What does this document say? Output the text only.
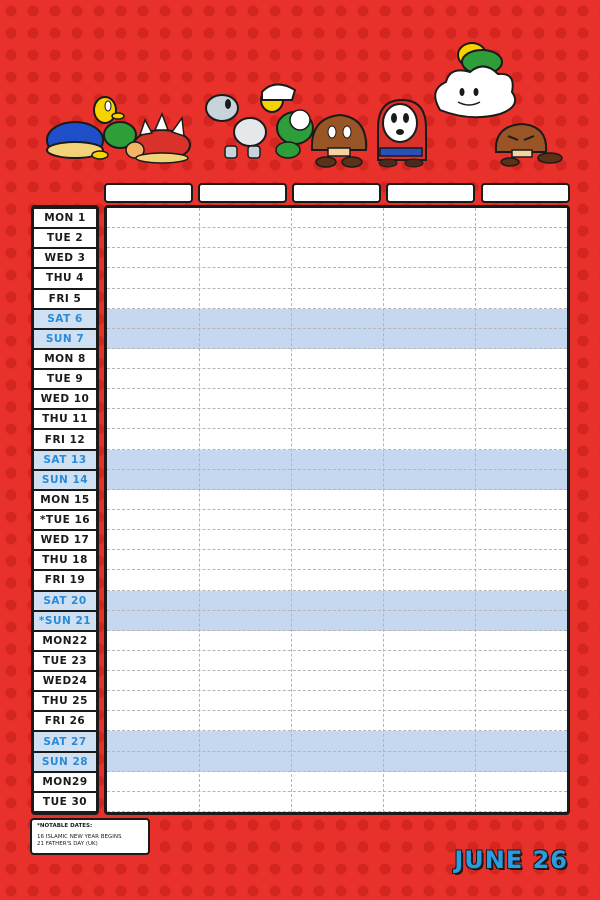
MON 1
TUE 2
WED 3
THU 4
FRI 5
SAT 6
SUN 7
MON 8
TUE 9
WED 10
THU 11
FRI 12
SAT 13
SUN 14
MON 15
*TUE 16
WED 17
THU 18
FRI 19
SAT 20
*SUN 21
MON22
TUE 23
WED24
THU 25
FRI 26
SAT 27
SUN 28
MON29
TUE 30
*NOTABLE DATES:
16 ISLAMIC NEW YEAR BEGINS
21 FATHER'S DAY (UK)
JUNE 26
